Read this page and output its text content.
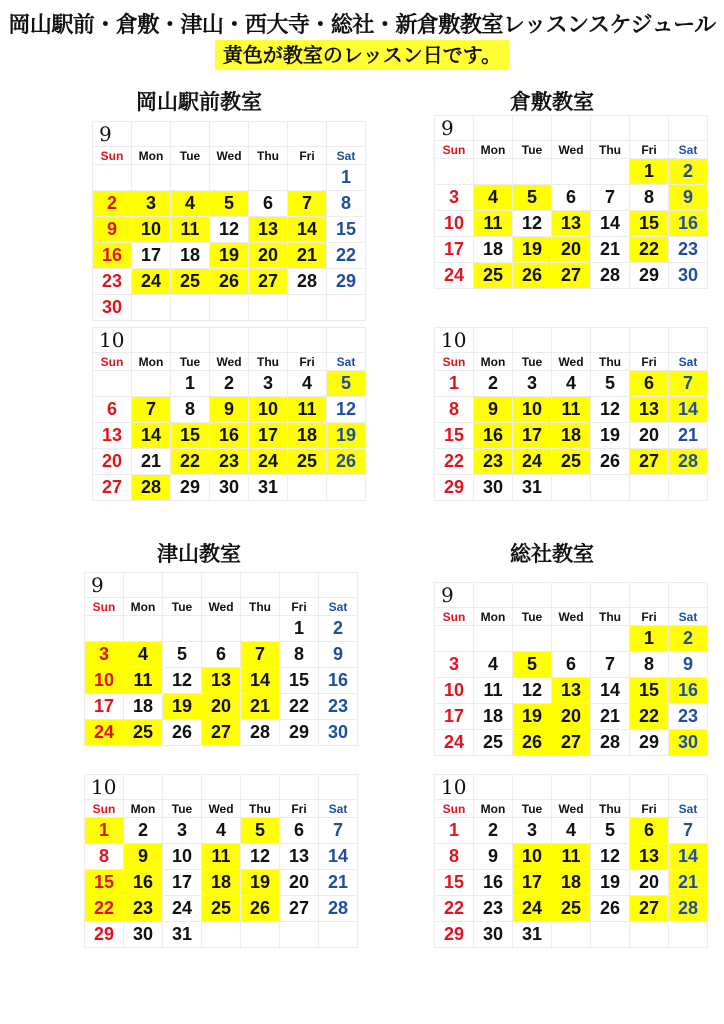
岡山駅前・倉敷・津山・西大寺・総社・新倉敷教室レッスンスケジュール
黄色が教室のレッスン日です。
岡山駅前教室	倉敷教室
津山教室	総社教室
9						
Sun	Mon	Tue	Wed	Thu	Fri	Sat
						1
2	3	4	5	6	7	8
9	10	11	12	13	14	15
16	17	18	19	20	21	22
23	24	25	26	27	28	29
30						
10						
Sun	Mon	Tue	Wed	Thu	Fri	Sat
		1	2	3	4	5
6	7	8	9	10	11	12
13	14	15	16	17	18	19
20	21	22	23	24	25	26
27	28	29	30	31		
9						
Sun	Mon	Tue	Wed	Thu	Fri	Sat
					1	2
3	4	5	6	7	8	9
10	11	12	13	14	15	16
17	18	19	20	21	22	23
24	25	26	27	28	29	30
10						
Sun	Mon	Tue	Wed	Thu	Fri	Sat
1	2	3	4	5	6	7
8	9	10	11	12	13	14
15	16	17	18	19	20	21
22	23	24	25	26	27	28
29	30	31				
9						
Sun	Mon	Tue	Wed	Thu	Fri	Sat
					1	2
3	4	5	6	7	8	9
10	11	12	13	14	15	16
17	18	19	20	21	22	23
24	25	26	27	28	29	30
10						
Sun	Mon	Tue	Wed	Thu	Fri	Sat
1	2	3	4	5	6	7
8	9	10	11	12	13	14
15	16	17	18	19	20	21
22	23	24	25	26	27	28
29	30	31				
9						
Sun	Mon	Tue	Wed	Thu	Fri	Sat
					1	2
3	4	5	6	7	8	9
10	11	12	13	14	15	16
17	18	19	20	21	22	23
24	25	26	27	28	29	30
10						
Sun	Mon	Tue	Wed	Thu	Fri	Sat
1	2	3	4	5	6	7
8	9	10	11	12	13	14
15	16	17	18	19	20	21
22	23	24	25	26	27	28
29	30	31				
